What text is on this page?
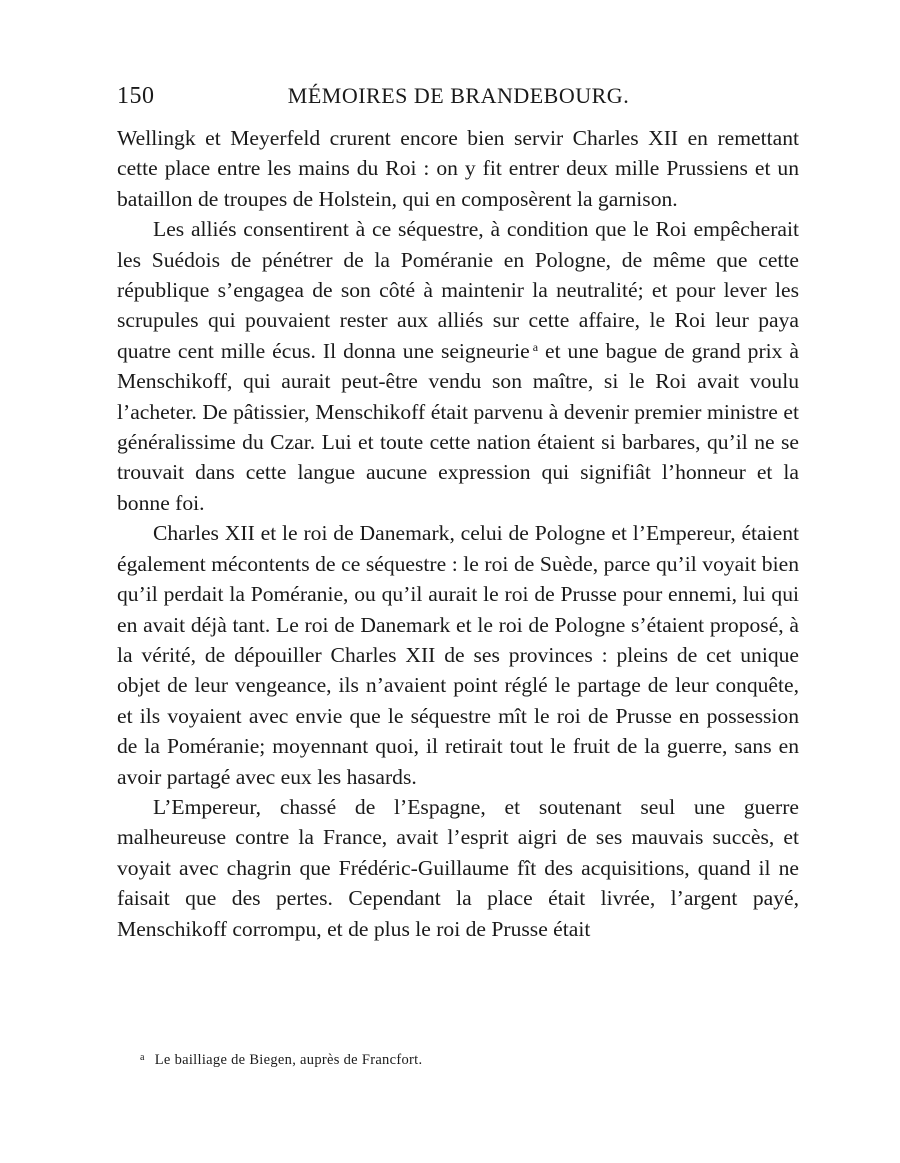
150	MÉMOIRES DE BRANDEBOURG.

Wellingk et Meyerfeld crurent encore bien servir Charles XII en remettant cette place entre les mains du Roi : on y fit entrer deux mille Prussiens et un bataillon de troupes de Holstein, qui en composèrent la garnison.

Les alliés consentirent à ce séquestre, à condition que le Roi empêcherait les Suédois de pénétrer de la Poméranie en Pologne, de même que cette république s’engagea de son côté à maintenir la neutralité; et pour lever les scrupules qui pouvaient rester aux alliés sur cette affaire, le Roi leur paya quatre cent mille écus. Il donna une seigneurie $^a$ et une bague de grand prix à Menschikoff, qui aurait peut-être vendu son maître, si le Roi avait voulu l’acheter. De pâtissier, Menschikoff était parvenu à devenir premier ministre et généralissime du Czar. Lui et toute cette nation étaient si barbares, qu’il ne se trouvait dans cette langue aucune expression qui signifiât l’honneur et la bonne foi.

Charles XII et le roi de Danemark, celui de Pologne et l’Empereur, étaient également mécontents de ce séquestre : le roi de Suède, parce qu’il voyait bien qu’il perdait la Poméranie, ou qu’il aurait le roi de Prusse pour ennemi, lui qui en avait déjà tant. Le roi de Danemark et le roi de Pologne s’étaient proposé, à la vérité, de dépouiller Charles XII de ses provinces : pleins de cet unique objet de leur vengeance, ils n’avaient point réglé le partage de leur conquête, et ils voyaient avec envie que le séquestre mît le roi de Prusse en possession de la Poméranie; moyennant quoi, il retirait tout le fruit de la guerre, sans en avoir partagé avec eux les hasards.

L’Empereur, chassé de l’Espagne, et soutenant seul une guerre malheureuse contre la France, avait l’esprit aigri de ses mauvais succès, et voyait avec chagrin que Frédéric-Guillaume fît des acquisitions, quand il ne faisait que des pertes. Cependant la place était livrée, l’argent payé, Menschikoff corrompu, et de plus le roi de Prusse était

$^a$ Le bailliage de Biegen, auprès de Francfort.
